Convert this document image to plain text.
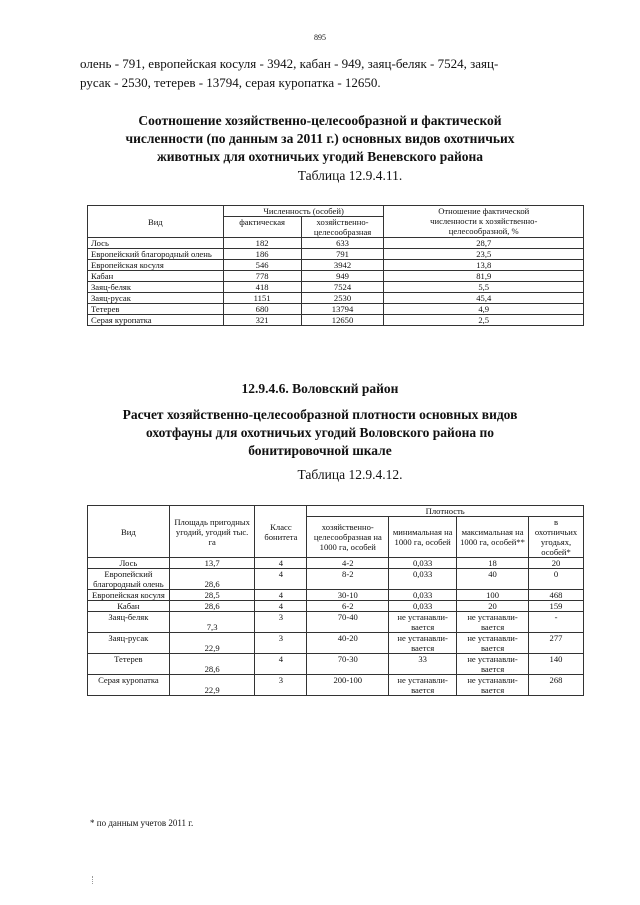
895
олень - 791, европейская косуля - 3942, кабан - 949, заяц-беляк - 7524, заяц-
русак - 2530, тетерев - 13794, серая куропатка - 12650.
Соотношение хозяйственно-целесообразной и фактической
численности (по данным за 2011 г.) основных видов охотничьих
животных для охотничьих угодий Веневского района
Таблица 12.9.4.11.
Вид	Численность (особей)		Отношение фактической
численности к хозяйственно-
целесообразной, %

	фактическая	хозяйственно-
целесообразная	

Лось	182	633	28,7
Европейский благородный олень	186	791	23,5
Европейская косуля	546	3942	13,8
Кабан	778	949	81,9
Заяц-беляк	418	7524	5,5
Заяц-русак	1151	2530	45,4
Тетерев	680	13794	4,9
Серая куропатка	321	12650	2,5
12.9.4.6. Воловский район
Расчет хозяйственно-целесообразной плотности основных видов
охотфауны для охотничьих угодий Воловского района по
бонитировочной шкале
Таблица 12.9.4.12.
Вид	Площадь пригодных угодий, угодий тыс. га	Класс бонитета	Плотность			
			хозяйственно-целесообразная на 1000 га, особей	минимальная на 1000 га, особей	максимальная на 1000 га, особей**	в охотничьих угодьях, особей*
Лось	13,7	4	4-2	0,033	18	20
Европейский благородный олень	28,6	4	8-2	0,033	40	0
Европейская косуля	28,5	4	30-10	0,033	100	468
Кабан	28,6	4	6-2	0,033	20	159
Заяц-беляк	7,3	3	70-40	не устанавли-вается	не устанавли-вается	-
Заяц-русак	22,9	3	40-20	не устанавли-вается	не устанавли-вается	277
Тетерев	28,6	4	70-30	33	не устанавли-вается	140
Серая куропатка	22,9	3	200-100	не устанавли-вается	не устанавли-вается	268
* по данным учетов 2011 г.
